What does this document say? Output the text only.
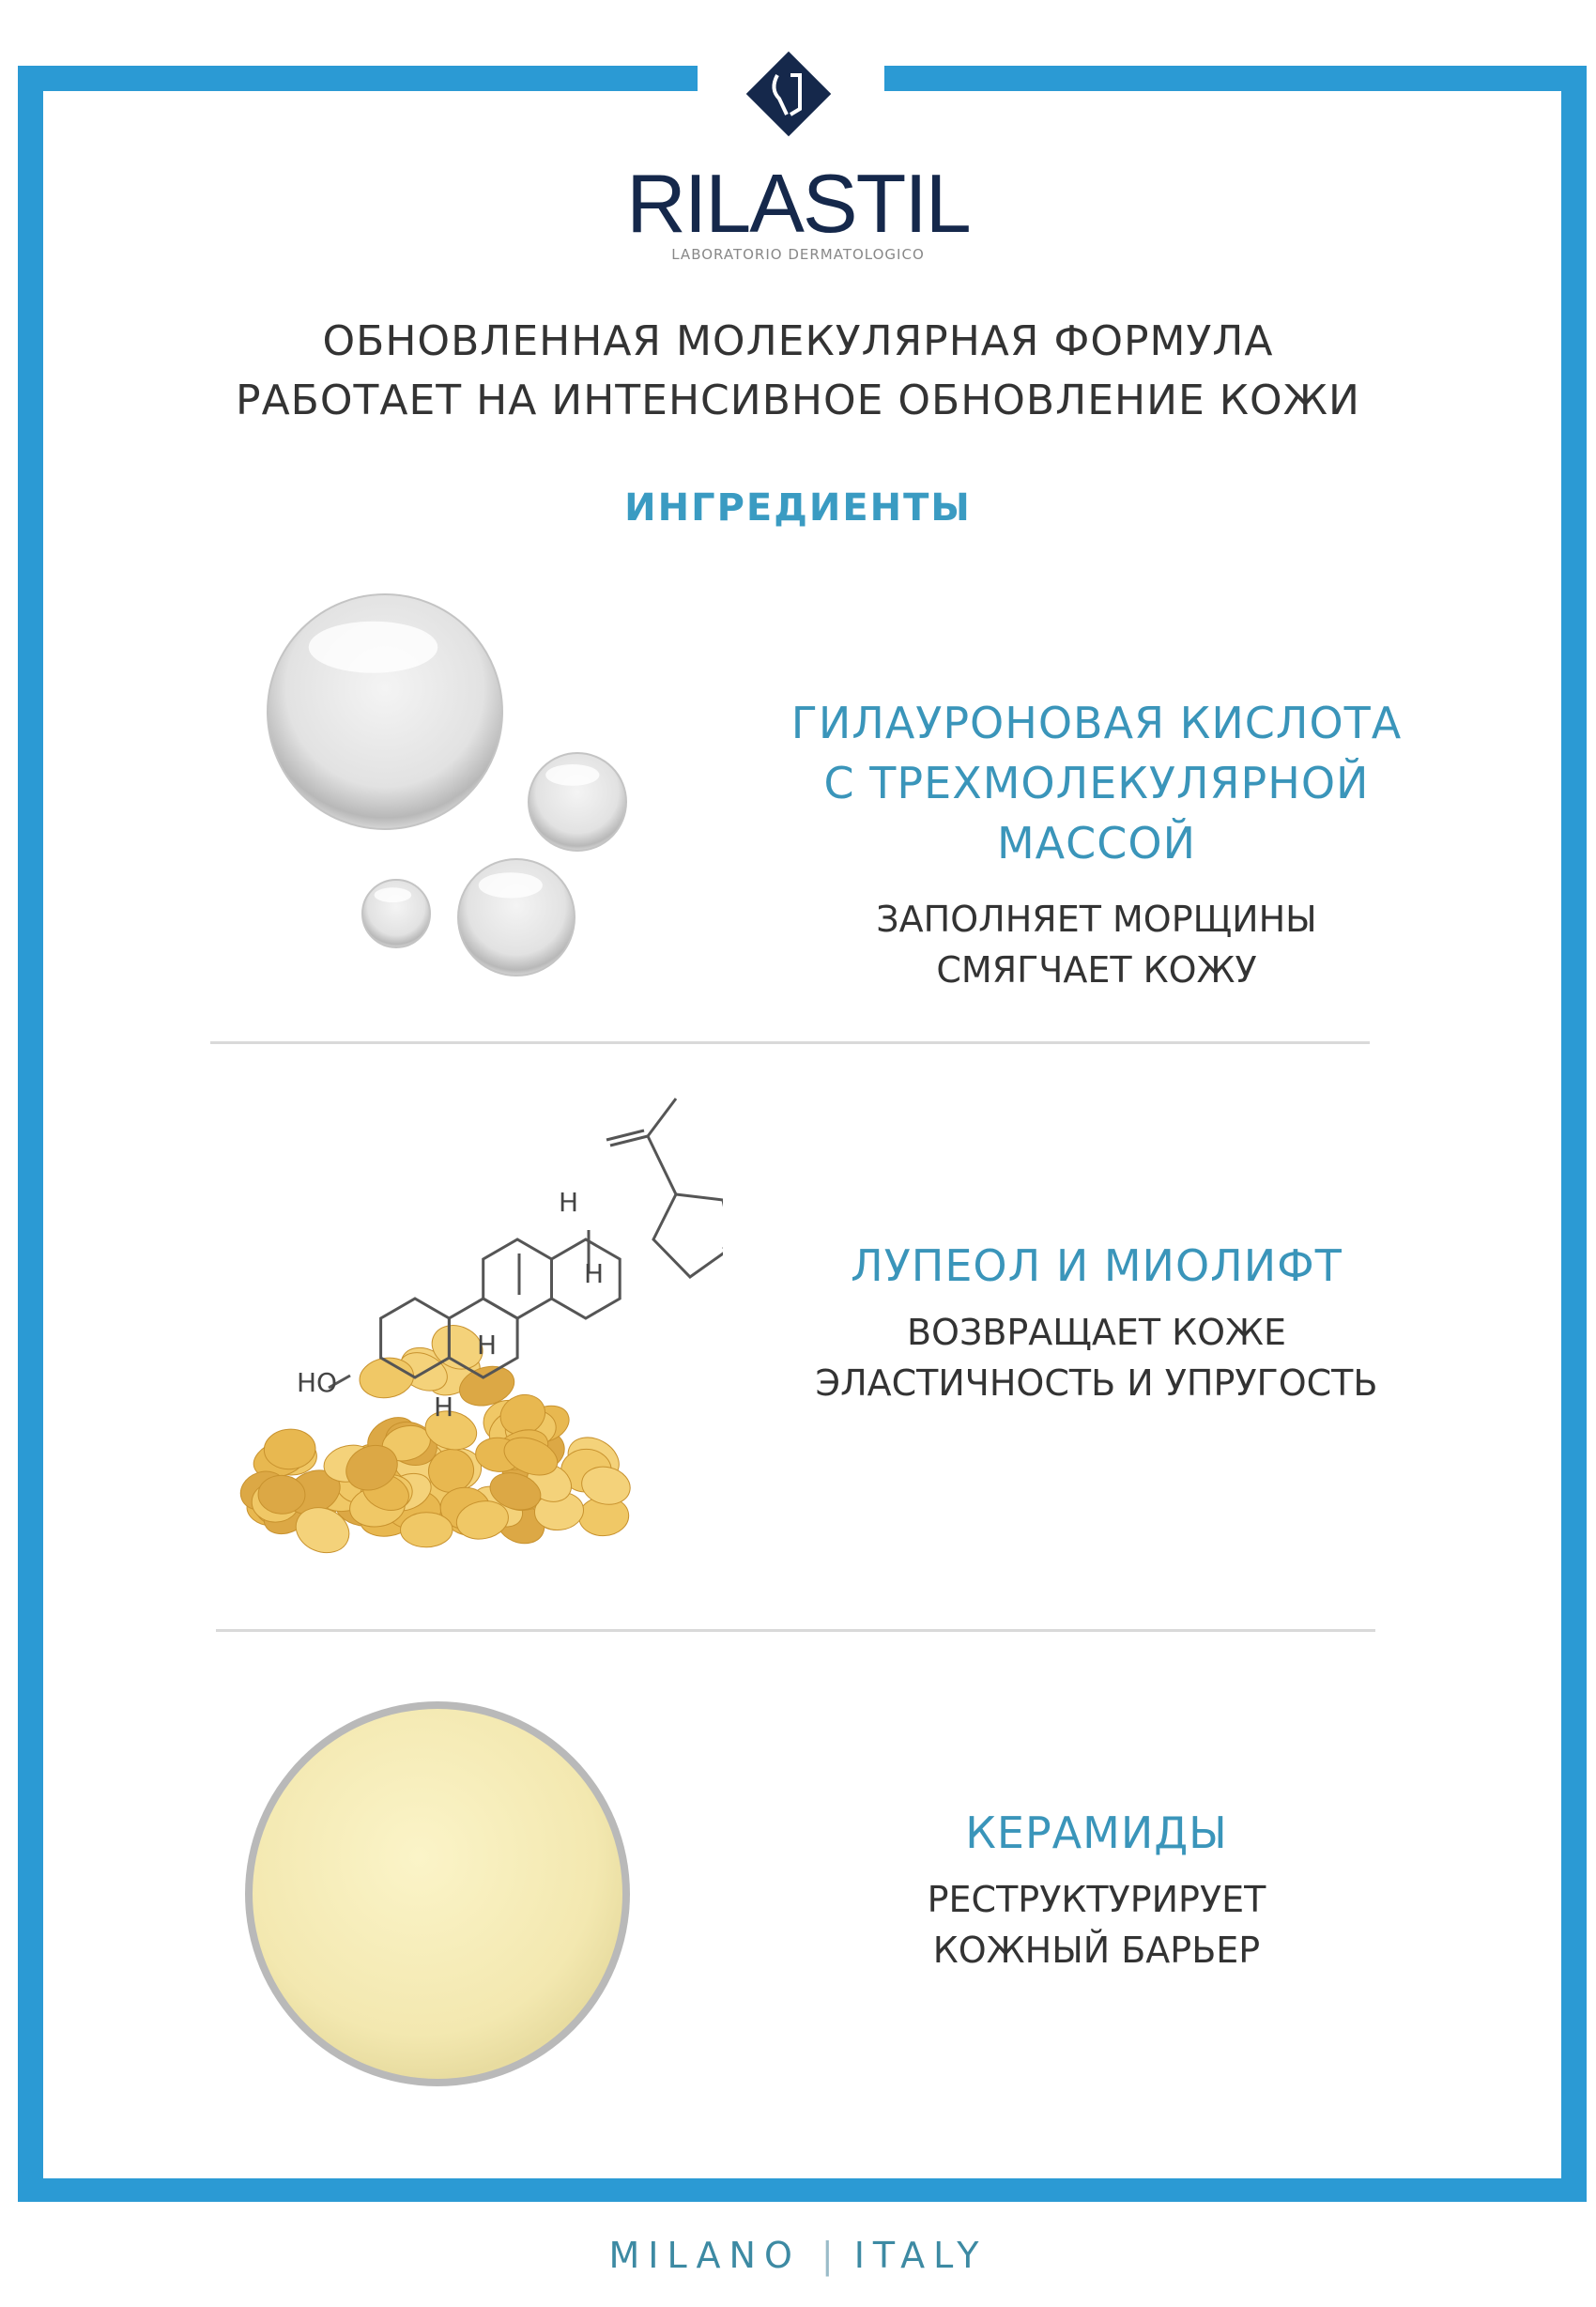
RILASTIL
LABORATORIO DERMATOLOGICO
ОБНОВЛЕННАЯ МОЛЕКУЛЯРНАЯ ФОРМУЛА
РАБОТАЕТ НА ИНТЕНСИВНОЕ ОБНОВЛЕНИЕ КОЖИ
ИНГРЕДИЕНТЫ
ГИЛАУРОНОВАЯ КИСЛОТА
С ТРЕХМОЛЕКУЛЯРНОЙ
МАССОЙ
ЗАПОЛНЯЕТ МОРЩИНЫ
СМЯГЧАЕТ КОЖУ
H
H
H
HO
H
ЛУПЕОЛ И МИОЛИФТ
ВОЗВРАЩАЕТ КОЖЕ
ЭЛАСТИЧНОСТЬ И УПРУГОСТЬ
КЕРАМИДЫ
РЕСТРУКТУРИРУЕТ
КОЖНЫЙ БАРЬЕР
MILANO | ITALY
